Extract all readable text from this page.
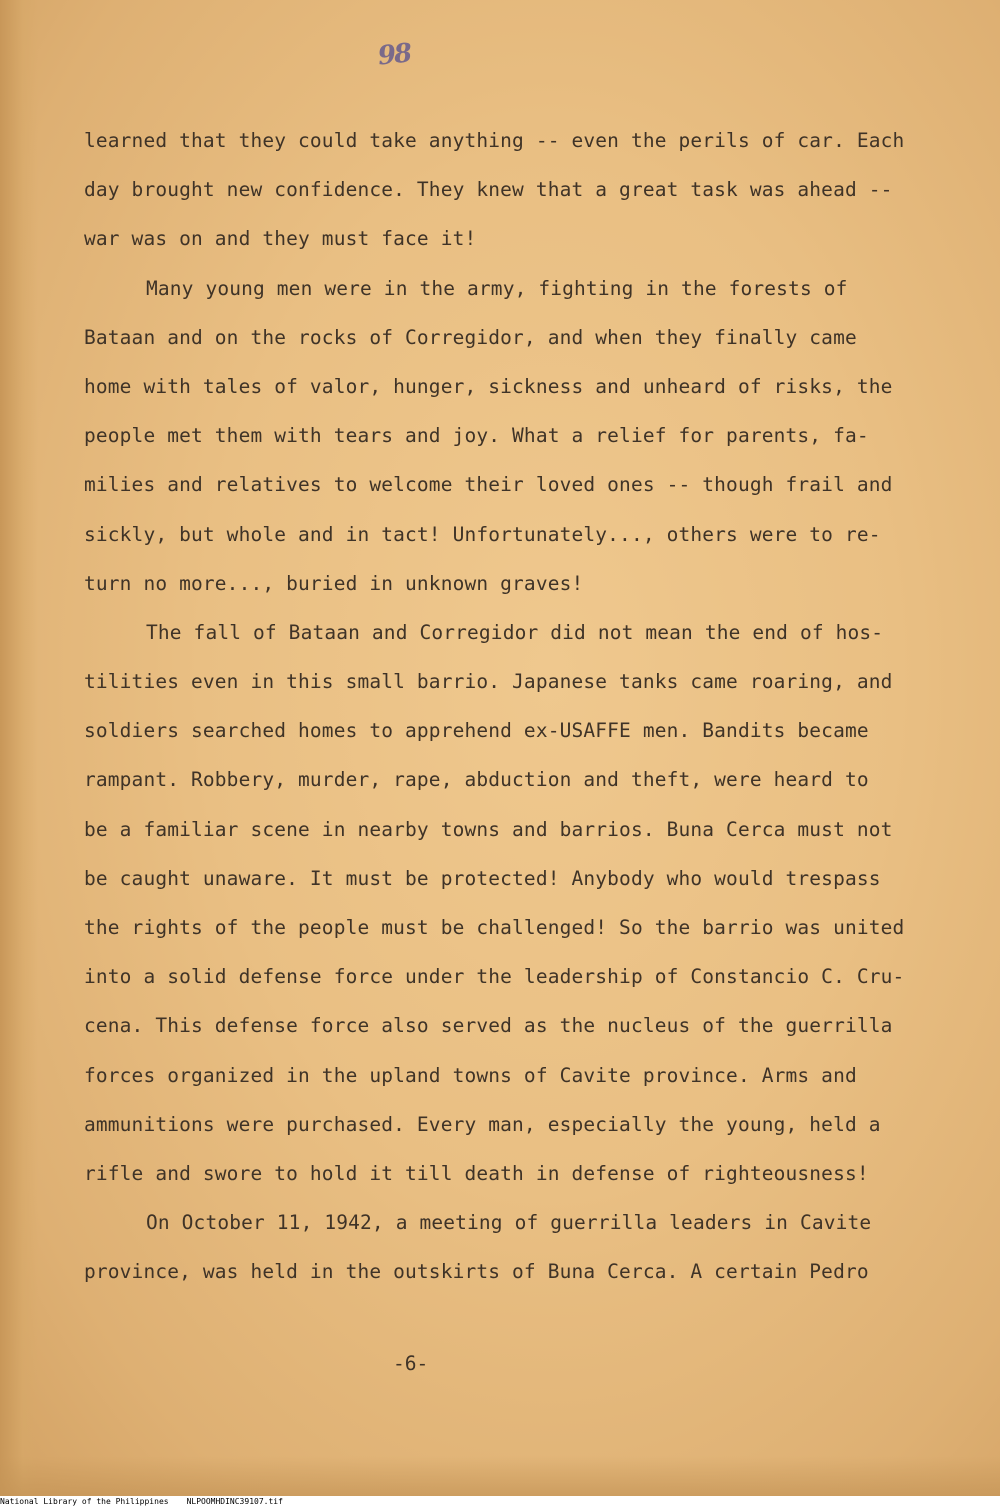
98
learned that they could take anything -- even the perils of car. Each
day brought new confidence. They knew that a great task was ahead --
war was on and they must face it!
Many young men were in the army, fighting in the forests of
Bataan and on the rocks of Corregidor, and when they finally came
home with tales of valor, hunger, sickness and unheard of risks, the
people met them with tears and joy. What a relief for parents, fa-
milies and relatives to welcome their loved ones -- though frail and
sickly, but whole and in tact! Unfortunately..., others were to re-
turn no more..., buried in unknown graves!
The fall of Bataan and Corregidor did not mean the end of hos-
tilities even in this small barrio. Japanese tanks came roaring, and
soldiers searched homes to apprehend ex-USAFFE men. Bandits became
rampant. Robbery, murder, rape, abduction and theft, were heard to
be a familiar scene in nearby towns and barrios. Buna Cerca must not
be caught unaware. It must be protected! Anybody who would trespass
the rights of the people must be challenged! So the barrio was united
into a solid defense force under the leadership of Constancio C. Cru-
cena. This defense force also served as the nucleus of the guerrilla
forces organized in the upland towns of Cavite province. Arms and
ammunitions were purchased. Every man, especially the young, held a
rifle and swore to hold it till death in defense of righteousness!
On October 11, 1942, a meeting of guerrilla leaders in Cavite
province, was held in the outskirts of Buna Cerca. A certain Pedro
-6-
National Library of the Philippines NLPOOMHDINC39107.tif
